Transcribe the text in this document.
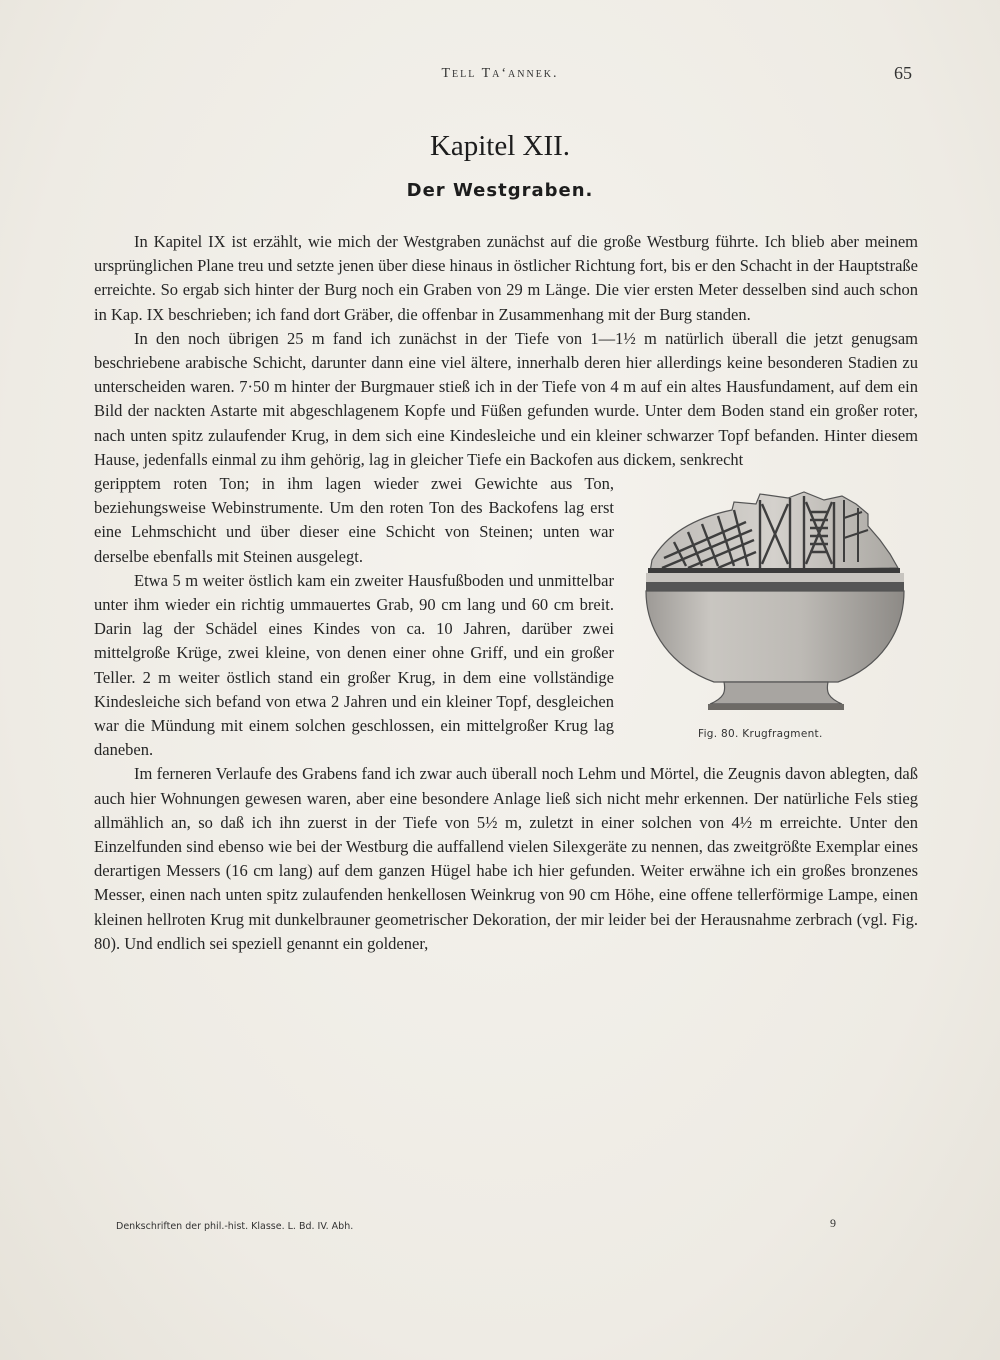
Tell Ta‘annek.	65
Kapitel XII.
Der Westgraben.

In Kapitel IX ist erzählt, wie mich der Westgraben zunächst auf die große Westburg führte. Ich blieb aber meinem ursprünglichen Plane treu und setzte jenen über diese hinaus in östlicher Richtung fort, bis er den Schacht in der Hauptstraße erreichte. So ergab sich hinter der Burg noch ein Graben von 29 m Länge. Die vier ersten Meter desselben sind auch schon in Kap. IX beschrieben; ich fand dort Gräber, die offenbar in Zusammenhang mit der Burg standen.

In den noch übrigen 25 m fand ich zunächst in der Tiefe von 1—1½ m natürlich überall die jetzt genugsam beschriebene arabische Schicht, darunter dann eine viel ältere, innerhalb deren hier allerdings keine besonderen Stadien zu unterscheiden waren. 7·50 m hinter der Burgmauer stieß ich in der Tiefe von 4 m auf ein altes Hausfundament, auf dem ein Bild der nackten Astarte mit abgeschlagenem Kopfe und Füßen gefunden wurde. Unter dem Boden stand ein großer roter, nach unten spitz zulaufender Krug, in dem sich eine Kindesleiche und ein kleiner schwarzer Topf befanden. Hinter diesem Hause, jedenfalls einmal zu ihm gehörig, lag in gleicher Tiefe ein Backofen aus dickem, senkrecht

Fig. 80. Krugfragment.

geripptem roten Ton; in ihm lagen wieder zwei Gewichte aus Ton, beziehungsweise Webinstrumente. Um den roten Ton des Backofens lag erst eine Lehmschicht und über dieser eine Schicht von Steinen; unten war derselbe ebenfalls mit Steinen ausgelegt.

Etwa 5 m weiter östlich kam ein zweiter Hausfußboden und unmittelbar unter ihm wieder ein richtig ummauertes Grab, 90 cm lang und 60 cm breit. Darin lag der Schädel eines Kindes von ca. 10 Jahren, darüber zwei mittelgroße Krüge, zwei kleine, von denen einer ohne Griff, und ein großer Teller. 2 m weiter östlich stand ein großer Krug, in dem eine vollständige Kindesleiche sich befand von etwa 2 Jahren und ein kleiner Topf, desgleichen war die Mündung mit einem solchen geschlossen, ein mittelgroßer Krug lag daneben.

Im ferneren Verlaufe des Grabens fand ich zwar auch überall noch Lehm und Mörtel, die Zeugnis davon ablegten, daß auch hier Wohnungen gewesen waren, aber eine besondere Anlage ließ sich nicht mehr erkennen. Der natürliche Fels stieg allmählich an, so daß ich ihn zuerst in der Tiefe von 5½ m, zuletzt in einer solchen von 4½ m erreichte. Unter den Einzelfunden sind ebenso wie bei der Westburg die auffallend vielen Silexgeräte zu nennen, das zweitgrößte Exemplar eines derartigen Messers (16 cm lang) auf dem ganzen Hügel habe ich hier gefunden. Weiter erwähne ich ein großes bronzenes Messer, einen nach unten spitz zulaufenden henkellosen Weinkrug von 90 cm Höhe, eine offene tellerförmige Lampe, einen kleinen hellroten Krug mit dunkelbrauner geometrischer Dekoration, der mir leider bei der Herausnahme zerbrach (vgl. Fig. 80). Und endlich sei speziell genannt ein goldener,

Denkschriften der phil.-hist. Klasse. L. Bd. IV. Abh.	9
